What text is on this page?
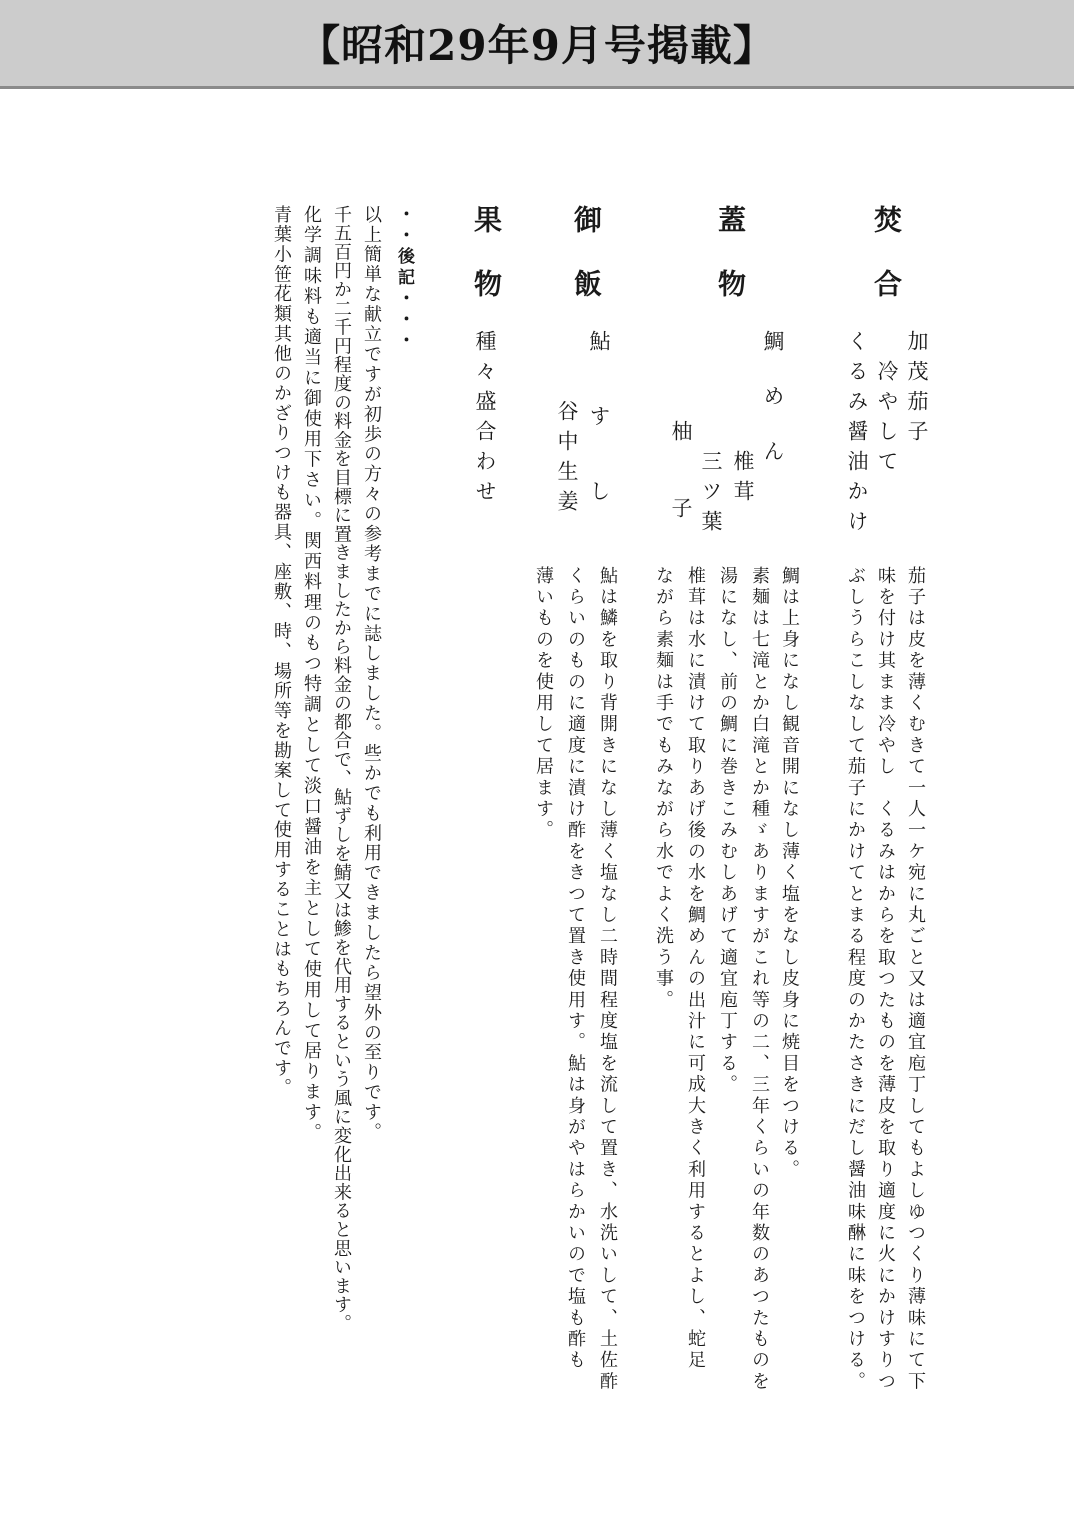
【昭和29年9月号掲載】
焚合
加茂茄子
冷やして
くるみ醤油かけ
茄子は皮を薄くむきて一人一ケ宛に丸ごと又は適宜庖丁してもよしゆつくり薄味にて下
味を付け其まま冷やし　くるみはからを取つたものを薄皮を取り適度に火にかけすりつ
ぶしうらこしなして茄子にかけてとまる程度のかたさきにだし醤油味醂に味をつける。
蓋物
鯛めん
椎茸
三ツ葉
柚子
鯛は上身になし観音開になし薄く塩をなし皮身に焼目をつける。
素麺は七滝とか白滝とか種ゞありますがこれ等の二、三年くらいの年数のあつたものを
湯になし、前の鯛に巻きこみむしあげて適宜庖丁する。
椎茸は水に漬けて取りあげ後の水を鯛めんの出汁に可成大きく利用するとよし、蛇足
ながら素麺は手でもみながら水でよく洗う事。
御飯
鮎すし
谷中生姜
鮎は鱗を取り背開きになし薄く塩なし二時間程度塩を流して置き、水洗いして、土佐酢
くらいのものに適度に漬け酢をきつて置き使用す。鮎は身がやはらかいので塩も酢も
薄いものを使用して居ます。
果物
種々盛合わせ
・・後記・・・
以上簡単な献立ですが初歩の方々の参考までに誌しました。些かでも利用できましたら望外の至りです。
千五百円か二千円程度の料金を目標に置きましたから料金の都合で、鮎ずしを鯖又は鯵を代用するという風に変化出来ると思います。
化学調味料も適当に御使用下さい。関西料理のもつ特調として淡口醤油を主として使用して居ります。
青葉小笹花類其他のかざりつけも器具、座敷、時、場所等を勘案して使用することはもちろんです。
